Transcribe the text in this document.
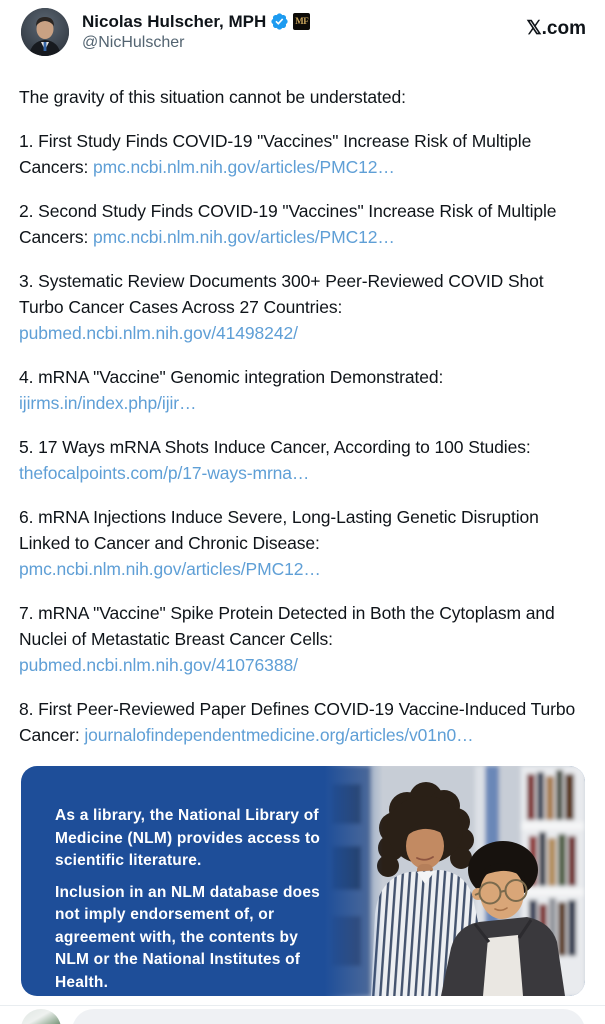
Nicolas Hulscher, MPH	MF
@NicHulscher
𝕏.com

The gravity of this situation cannot be understated:

1. First Study Finds COVID-19 "Vaccines" Increase Risk of Multiple Cancers: pmc.ncbi.nlm.nih.gov/articles/PMC12…

2. Second Study Finds COVID-19 "Vaccines" Increase Risk of Multiple Cancers: pmc.ncbi.nlm.nih.gov/articles/PMC12…

3. Systematic Review Documents 300+ Peer-Reviewed COVID Shot Turbo Cancer Cases Across 27 Countries: pubmed.ncbi.nlm.nih.gov/41498242/

4. mRNA "Vaccine" Genomic integration Demonstrated: ijirms.in/index.php/ijir…

5. 17 Ways mRNA Shots Induce Cancer, According to 100 Studies: thefocalpoints.com/p/17-ways-mrna…

6. mRNA Injections Induce Severe, Long-Lasting Genetic Disruption Linked to Cancer and Chronic Disease: pmc.ncbi.nlm.nih.gov/articles/PMC12…

7. mRNA "Vaccine" Spike Protein Detected in Both the Cytoplasm and Nuclei of Metastatic Breast Cancer Cells: pubmed.ncbi.nlm.nih.gov/41076388/

8. First Peer-Reviewed Paper Defines COVID-19 Vaccine-Induced Turbo Cancer: journalofindependentmedicine.org/articles/v01n0…

As a library, the National Library of Medicine (NLM) provides access to scientific literature.

Inclusion in an NLM database does not imply endorsement of, or agreement with, the contents by NLM or the National Institutes of Health.
